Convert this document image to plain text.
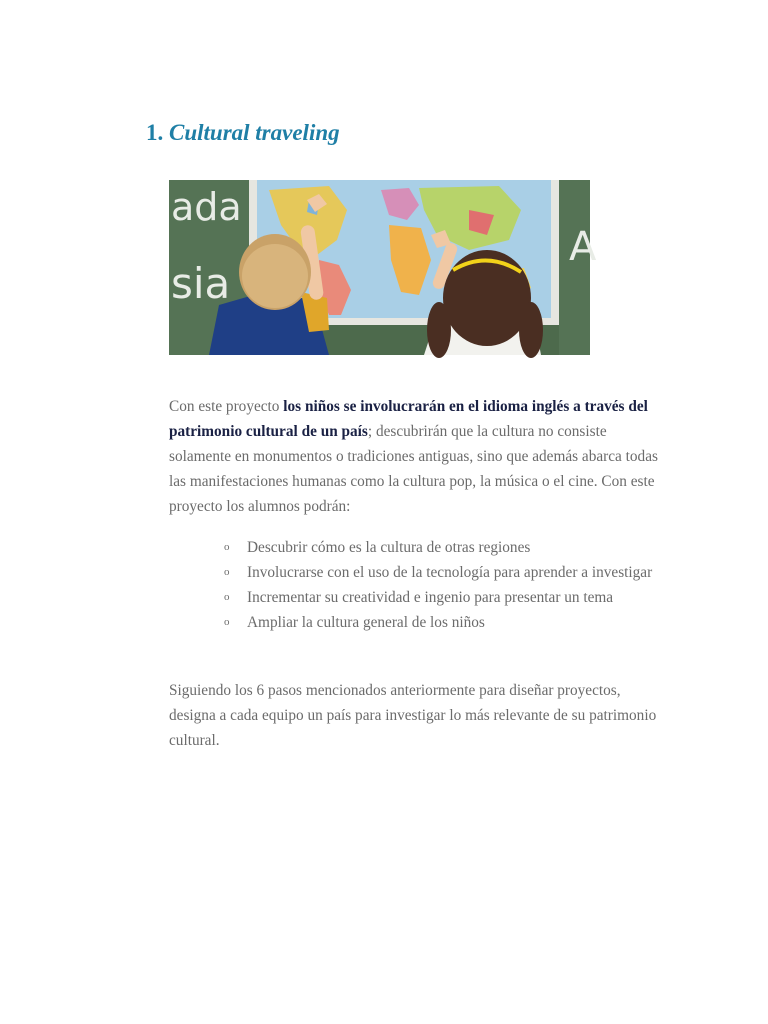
1. Cultural traveling
ada
sia
A

Con este proyecto los niños se involucrarán en el idioma inglés a través del patrimonio cultural de un país; descubrirán que la cultura no consiste solamente en monumentos o tradiciones antiguas, sino que además abarca todas las manifestaciones humanas como la cultura pop, la música o el cine. Con este proyecto los alumnos podrán:

o Descubrir cómo es la cultura de otras regiones
o Involucrarse con el uso de la tecnología para aprender a investigar
o Incrementar su creatividad e ingenio para presentar un tema
o Ampliar la cultura general de los niños

Siguiendo los 6 pasos mencionados anteriormente para diseñar proyectos, designa a cada equipo un país para investigar lo más relevante de su patrimonio cultural.
